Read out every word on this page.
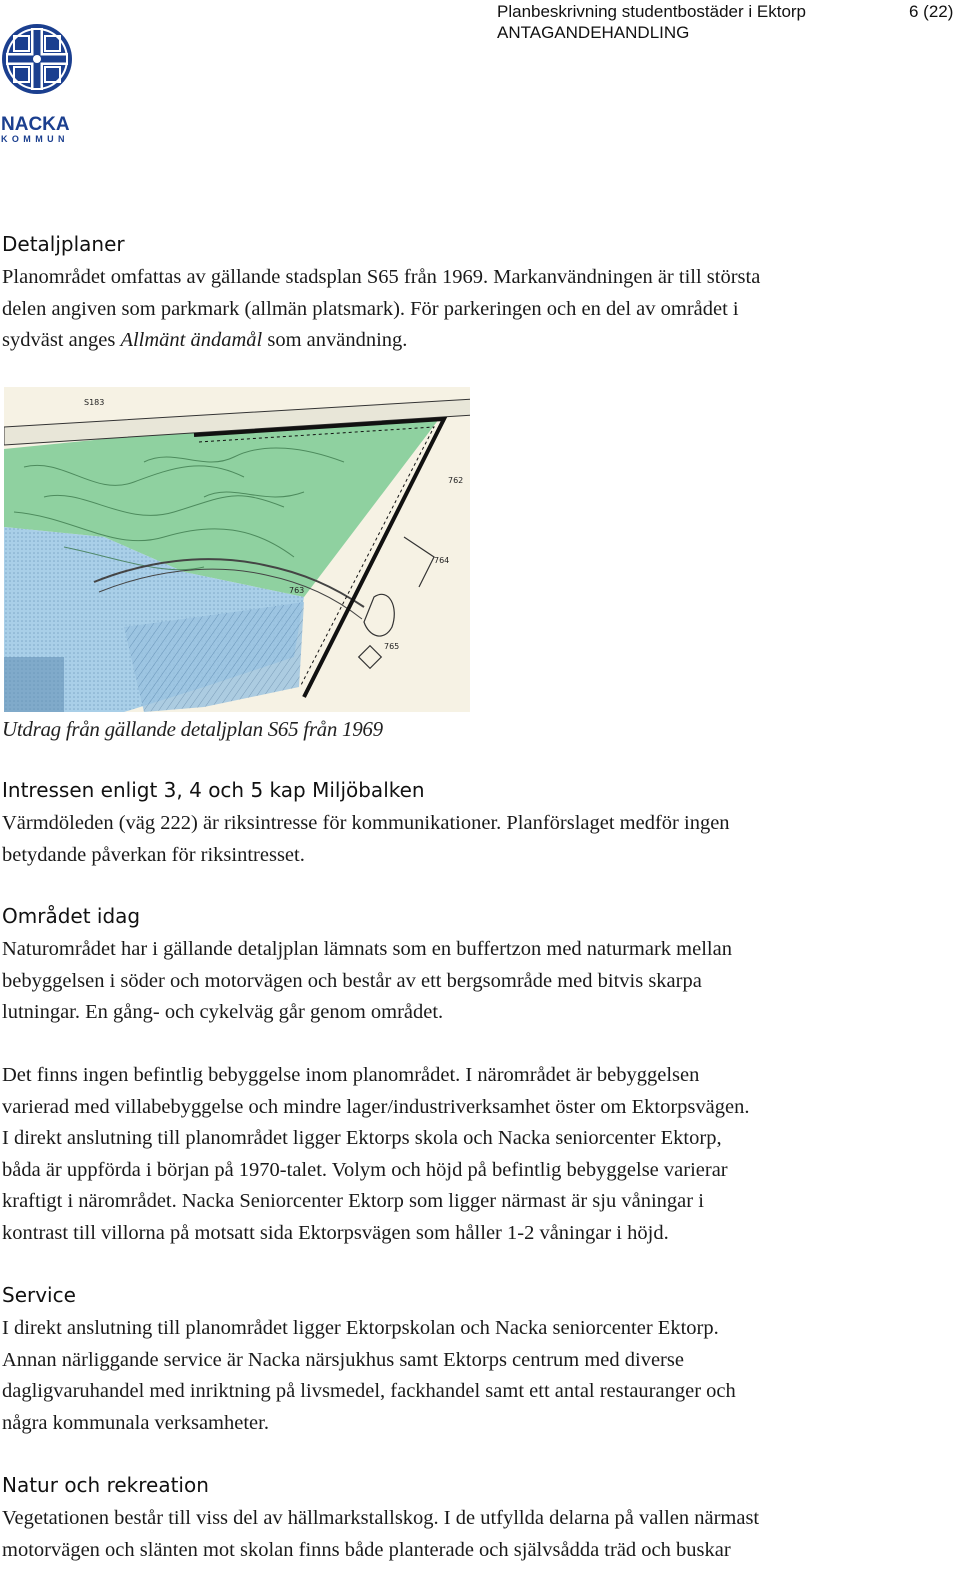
NACKA
KOMMUN
Planbeskrivning studentbostäder i Ektorp
ANTAGANDEHANDLING
6 (22)
Detaljplaner
Planområdet omfattas av gällande stadsplan S65 från 1969. Markanvändningen är till största
delen angiven som parkmark (allmän platsmark). För parkeringen och en del av området i
sydväst anges Allmänt ändamål som användning.
S183
762
763
764
765
Utdrag från gällande detaljplan S65 från 1969
Intressen enligt 3, 4 och 5 kap Miljöbalken
Värmdöleden (väg 222) är riksintresse för kommunikationer. Planförslaget medför ingen
betydande påverkan för riksintresset.
Området idag
Naturområdet har i gällande detaljplan lämnats som en buffertzon med naturmark mellan
bebyggelsen i söder och motorvägen och består av ett bergsområde med bitvis skarpa
lutningar. En gång- och cykelväg går genom området.
Det finns ingen befintlig bebyggelse inom planområdet. I närområdet är bebyggelsen
varierad med villabebyggelse och mindre lager/industriverksamhet öster om Ektorpsvägen.
I direkt anslutning till planområdet ligger Ektorps skola och Nacka seniorcenter Ektorp,
båda är uppförda i början på 1970-talet. Volym och höjd på befintlig bebyggelse varierar
kraftigt i närområdet. Nacka Seniorcenter Ektorp som ligger närmast är sju våningar i
kontrast till villorna på motsatt sida Ektorpsvägen som håller 1-2 våningar i höjd.
Service
I direkt anslutning till planområdet ligger Ektorpskolan och Nacka seniorcenter Ektorp.
Annan närliggande service är Nacka närsjukhus samt Ektorps centrum med diverse
dagligvaruhandel med inriktning på livsmedel, fackhandel samt ett antal restauranger och
några kommunala verksamheter.
Natur och rekreation
Vegetationen består till viss del av hällmarkstallskog. I de utfyllda delarna på vallen närmast
motorvägen och slänten mot skolan finns både planterade och självsådda träd och buskar
